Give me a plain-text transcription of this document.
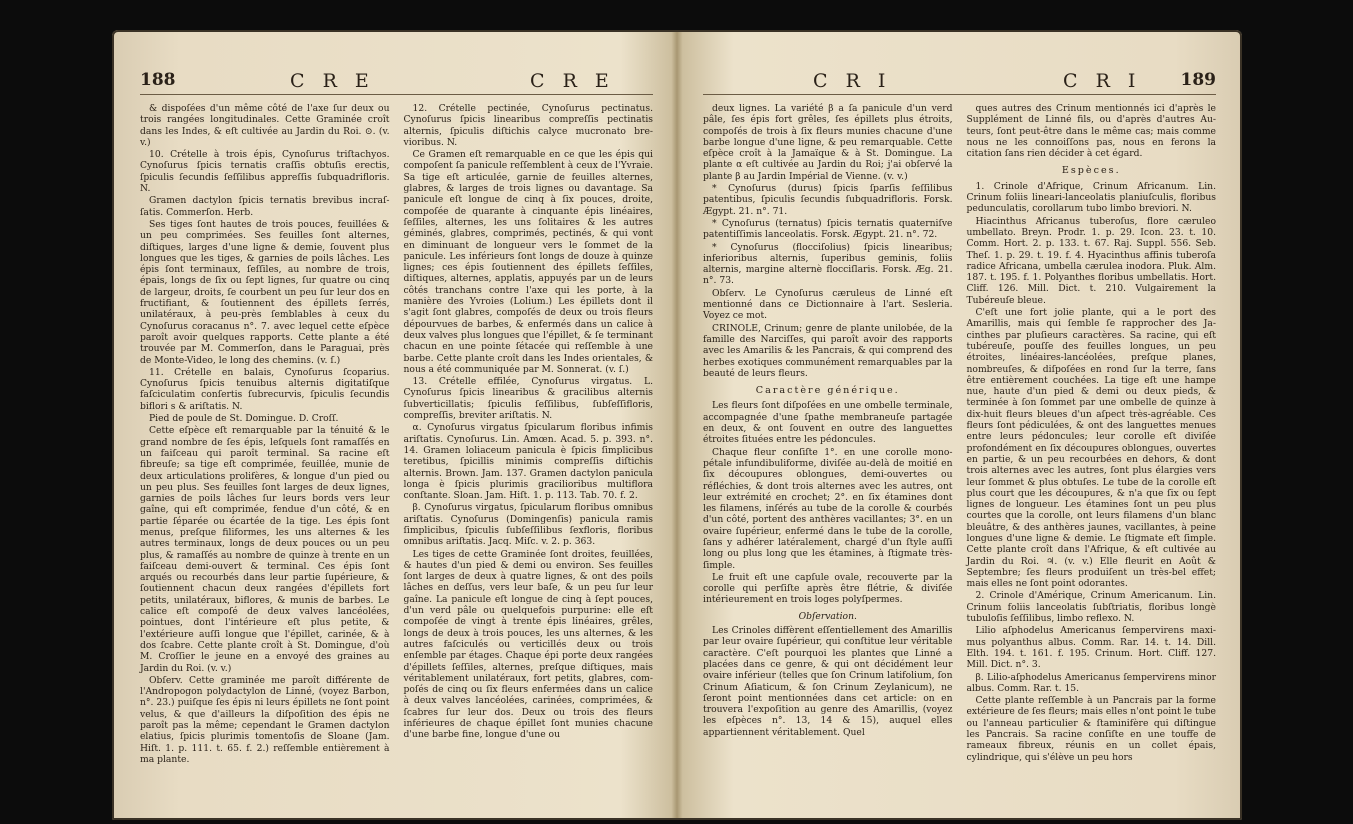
188	C R E	C R E

& dispoſées d'un même côté de l'axe ſur deux ou trois rangées longitudinales. Cette Graminée croît dans les Indes, & eſt cultivée au Jardin du Roi. ⊙. (v. v.)

10. Crételle à trois épis, Cynoſurus triſtachyos. Cynoſurus ſpicis ternatis craſſis obtuſis erectis, ſpiculis ſecundis ſeſſilibus appreſſis ſubquadrifloris. N.

Gramen dactylon ſpicis ternatis brevibus incraſſatis. Commerſon. Herb.

Ses tiges ſont hautes de trois pouces, feuillées & un peu comprimées. Ses feuilles ſont alternes, diſtiques, larges d'une ligne & demie, ſouvent plus longues que les tiges, & garnies de poils lâches. Les épis ſont terminaux, ſeſſiles, au nombre de trois, épais, longs de ſix ou ſept lignes, ſur quatre ou cinq de largeur, droits, ſe courbent un peu ſur leur dos en fructifiant, & ſoutiennent des épillets ſerrés, unilatéraux, à peu-près ſemblables à ceux du Cynoſurus coracanus n°. 7. avec lequel cette eſpèce paroît avoir quelques rapports. Cette plante a été trouvée par M. Commerſon, dans le Paraguai, près de Monte-Video, le long des chemins. (v. ſ.)

11. Crételle en balais, Cynoſurus ſcoparius. Cynoſurus ſpicis tenuibus alternis digitatiſque faſciculatim conſertis ſubrecurvis, ſpiculis ſecundis biflori s & ariſtatis. N.

Pied de poule de St. Domingue. D. Croſſ.

Cette eſpèce eſt remarquable par la ténuité & le grand nombre de ſes épis, leſquels ſont ramaſſés en un faiſceau qui paroît terminal. Sa racine eſt fibreuſe; sa tige eſt comprimée, feuillée, munie de deux articulations prolifères, & longue d'un pied ou un peu plus. Ses feuilles ſont larges de deux lignes, garnies de poils lâches ſur leurs bords vers leur gaîne, qui eſt comprimée, fendue d'un côté, & en partie ſéparée ou écartée de la tige. Les épis ſont menus, preſque filiformes, les uns alternes & les autres terminaux, longs de deux pouces ou un peu plus, & ramaſſés au nombre de quinze à trente en un faiſceau demi-ouvert & terminal. Ces épis ſont arqués ou recourbés dans leur partie ſupérieure, & ſoutiennent chacun deux rangées d'épillets fort petits, unilatéraux, biflores, & munis de barbes. Le calice eſt compoſé de deux valves lancéolées, pointues, dont l'intérieure eſt plus petite, & l'extérieure auſſi longue que l'épillet, carinée, & à dos ſcabre. Cette plante croît à St. Domingue, d'où M. Croſſier le jeune en a envoyé des graines au Jardin du Roi. (v. v.)

Obſerv. Cette graminée me paroît différente de l'Andropogon polydactylon de Linné, (voyez Barbon, n°. 23.) puiſque ſes épis ni leurs épillets ne ſont point velus, & que d'ailleurs la diſpoſition des épis ne paroît pas la même; cependant le Gramen dactylon elatius, ſpicis plurimis tomentoſis de Sloane (Jam. Hiſt. 1. p. 111. t. 65. f. 2.) reſſemble entièrement à ma plante.

12. Crételle pectinée, Cynoſurus pectinatus. Cynoſurus ſpicis linearibus compreſſis pectinatis alternis, ſpiculis diſtichis calyce mucronato brevioribus. N.

Ce Gramen eſt remarquable en ce que les épis qui compoſent ſa panicule reſſemblent à ceux de l'Yvraie. Sa tige eſt articulée, garnie de feuilles alternes, glabres, & larges de trois lignes ou davantage. Sa panicule eſt longue de cinq à ſix pouces, droite, compoſée de quarante à cinquante épis linéaires, ſeſſiles, alternes, les uns ſolitaires & les autres géminés, glabres, comprimés, pectinés, & qui vont en diminuant de longueur vers le ſommet de la panicule. Les inférieurs ſont longs de douze à quinze lignes; ces épis ſoutiennent des épillets ſeſſiles, diſtiques, alternes, applatis, appuyés par un de leurs côtés tranchans contre l'axe qui les porte, à la manière des Yvroies (Lolium.) Les épillets dont il s'agit ſont glabres, compoſés de deux ou trois fleurs dépourvues de barbes, & enfermés dans un calice à deux valves plus longues que l'épillet, & ſe terminant chacun en une pointe ſétacée qui reſſemble à une barbe. Cette plante croît dans les Indes orientales, & nous a été communiquée par M. Sonnerat. (v. ſ.)

13. Crételle effilée, Cynoſurus virgatus. L. Cynoſurus ſpicis linearibus & gracilibus alternis ſubverticillatis; ſpiculis ſeſſilibus, ſubſeſſifloris, compreſſis, breviter ariſtatis. N.

α. Cynoſurus virgatus ſpicularum floribus infimis ariſtatis. Cynoſurus. Lin. Amœn. Acad. 5. p. 393. n°. 14. Gramen loliaceum panicula è ſpicis ſimplicibus teretibus, ſpicillis minimis compreſſis diſtichis alternis. Brown. Jam. 137. Gramen dactylon panicula longa è ſpicis plurimis gracilioribus multiflora conſtante. Sloan. Jam. Hiſt. 1. p. 113. Tab. 70. f. 2.

β. Cynoſurus virgatus, ſpicularum floribus omnibus ariſtatis. Cynoſurus (Domingenſis) panicula ramis ſimplicibus, ſpiculis ſubſeſſilibus ſexfloris, floribus omnibus ariſtatis. Jacq. Miſc. v. 2. p. 363.

Les tiges de cette Graminée ſont droites, feuillées, & hautes d'un pied & demi ou environ. Ses feuilles ſont larges de deux à quatre lignes, & ont des poils lâches en deſſus, vers leur baſe, & un peu ſur leur gaîne. La panicule eſt longue de cinq à ſept pouces, d'un verd pâle ou quelquefois purpurine: elle eſt compoſée de vingt à trente épis linéaires, grêles, longs de deux à trois pouces, les uns alternes, & les autres faſciculés ou verticillés deux ou trois enſemble par étages. Chaque épi porte deux rangées d'épillets ſeſſiles, alternes, preſque diſtiques, mais véritablement unilatéraux, fort petits, glabres, compoſés de cinq ou ſix fleurs enfermées dans un calice à deux valves lancéolées, carinées, comprimées, & ſcabres ſur leur dos. Deux ou trois des fleurs inférieures de chaque épillet ſont munies chacune d'une barbe fine, longue d'une ou

C R I	C R I 189

deux lignes. La variété β a ſa panicule d'un verd pâle, ſes épis fort grêles, ſes épillets plus étroits, compoſés de trois à ſix fleurs munies chacune d'une barbe longue d'une ligne, & peu remarquable. Cette eſpèce croît à la Jamaïque & à St. Domingue. La plante α eſt cultivée au Jardin du Roi; j'ai obſervé la plante β au Jardin Impérial de Vienne. (v. v.)

* Cynoſurus (durus) ſpicis ſparſis ſeſſilibus patentibus, ſpiculis ſecundis ſubquadrifloris. Forsk. Ægypt. 21. n°. 71.

* Cynoſurus (ternatus) ſpicis ternatis quaterniſve patentiſſimis lanceolatis. Forsk. Ægypt. 21. n°. 72.

* Cynoſurus (flocciſolius) ſpicis linearibus; inferioribus alternis, ſuperibus geminis, foliis alternis, margine alternè flocciſlaris. Forsk. Æg. 21. n°. 73.

Obſerv. Le Cynoſurus cæruleus de Linné eſt mentionné dans ce Dictionnaire à l'art. Sesleria. Voyez ce mot.

CRINOLE, Crinum; genre de plante unilobée, de la famille des Narciſſes, qui paroît avoir des rapports avec les Amarilis & les Pancrais, & qui comprend des herbes exotiques communément remarquables par la beauté de leurs fleurs.

Caractère générique.

Les fleurs ſont diſpoſées en une ombelle terminale, accompagnée d'une ſpathe membraneuſe partagée en deux, & ont ſouvent en outre des languettes étroites ſituées entre les pédoncules.

Chaque fleur conſiſte 1°. en une corolle monopétale infundibuliforme, diviſée au-delà de moitié en ſix découpures oblongues, demi-ouvertes ou réfléchies, & dont trois alternes avec les autres, ont leur extrémité en crochet; 2°. en ſix étamines dont les filamens, inſérés au tube de la corolle & courbés d'un côté, portent des anthères vacillantes; 3°. en un ovaire ſupérieur, enfermé dans le tube de la corolle, ſans y adhérer latéralement, chargé d'un ſtyle auſſi long ou plus long que les étamines, à ſtigmate très-ſimple.

Le fruit eſt une capſule ovale, recouverte par la corolle qui perſiſte après être flétrie, & diviſée intérieurement en trois loges polyſpermes.

Obſervation.

Les Crinoles diffèrent eſſentiellement des Amarillis par leur ovaire ſupérieur, qui conſtitue leur véritable caractère. C'eſt pourquoi les plantes que Linné a placées dans ce genre, & qui ont décidément leur ovaire inférieur (telles que ſon Crinum latifolium, ſon Crinum Aſiaticum, & ſon Crinum Zeylanicum), ne ſeront point mentionnées dans cet article: on en trouvera l'expoſition au genre des Amarillis, (voyez les eſpèces n°. 13, 14 & 15), auquel elles appartiennent véritablement. Quel

ques autres des Crinum mentionnés ici d'après le Supplément de Linné fils, ou d'après d'autres Auteurs, ſont peut-être dans le même cas; mais comme nous ne les connoiſſons pas, nous en ferons la citation ſans rien décider à cet égard.

Espèces.

1. Crinole d'Afrique, Crinum Africanum. Lin. Crinum foliis lineari-lanceolatis planiuſculis, floribus pedunculatis, corollarum tubo limbo breviori. N.

Hiacinthus Africanus tuberoſus, flore cæruleo umbellato. Breyn. Prodr. 1. p. 29. Icon. 23. t. 10. Comm. Hort. 2. p. 133. t. 67. Raj. Suppl. 556. Seb. Theſ. 1. p. 29. t. 19. f. 4. Hyacinthus affinis tuberoſa radice Africana, umbella cærulea inodora. Pluk. Alm. 187. t. 195. f. 1. Polyanthes floribus umbellatis. Hort. Cliff. 126. Mill. Dict. t. 210. Vulgairement la Tubéreuſe bleue.

C'eſt une fort jolie plante, qui a le port des Amarillis, mais qui ſemble ſe rapprocher des Jacinthes par pluſieurs caractères. Sa racine, qui eſt tubéreuſe, pouſſe des feuilles longues, un peu étroites, linéaires-lancéolées, preſque planes, nombreuſes, & diſpoſées en rond ſur la terre, ſans être entièrement couchées. La tige eſt une hampe nue, haute d'un pied & demi ou deux pieds, & terminée à ſon ſommet par une ombelle de quinze à dix-huit fleurs bleues d'un aſpect très-agréable. Ces fleurs ſont pédiculées, & ont des languettes menues entre leurs pédoncules; leur corolle eſt diviſée profondément en ſix découpures oblongues, ouvertes en partie, & un peu recourbées en dehors, & dont trois alternes avec les autres, ſont plus élargies vers leur ſommet & plus obtuſes. Le tube de la corolle eſt plus court que les découpures, & n'a que ſix ou ſept lignes de longueur. Les étamines ſont un peu plus courtes que la corolle, ont leurs filamens d'un blanc bleuâtre, & des anthères jaunes, vacillantes, à peine longues d'une ligne & demie. Le ſtigmate eſt ſimple. Cette plante croît dans l'Afrique, & eſt cultivée au Jardin du Roi. ♃. (v. v.) Elle fleurit en Août & Septembre; ſes fleurs produiſent un très-bel effet; mais elles ne ſont point odorantes.

2. Crinole d'Amérique, Crinum Americanum. Lin. Crinum foliis lanceolatis ſubſtriatis, floribus longè tubuloſis ſeſſilibus, limbo reflexo. N.

Lilio aſphodelus Americanus ſempervirens maximus polyanthus albus. Comm. Rar. 14. t. 14. Dill. Elth. 194. t. 161. f. 195. Crinum. Hort. Cliff. 127. Mill. Dict. n°. 3.

β. Lilio-aſphodelus Americanus ſempervirens minor albus. Comm. Rar. t. 15.

Cette plante reſſemble à un Pancrais par la forme extérieure de ſes fleurs; mais elles n'ont point le tube ou l'anneau particulier & ſtaminifère qui diſtingue les Pancrais. Sa racine conſiſte en une touffe de rameaux fibreux, réunis en un collet épais, cylindrique, qui s'élève un peu hors
